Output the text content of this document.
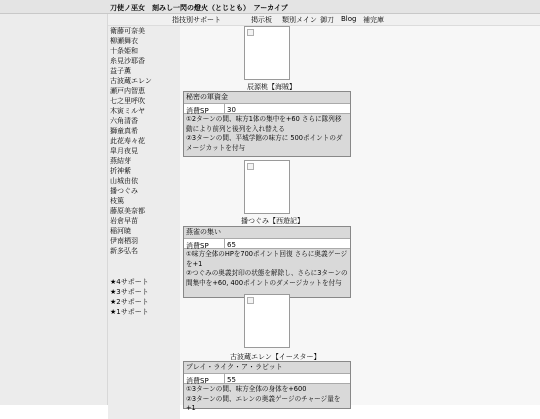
刀使ノ巫女　刻みし一閃の燈火（とじとも）　アーカイブ
指技別サポート	掲示板 類別メイン 御刀 Blog 補完庫
辰源桃【海賊】
秘密の軍資金
消費SP	30
①2ターンの間、味方1体の集中を+60 さらに隊列移動により前列と後列を入れ替える
②3ターンの間、平城学館の味方に 500ポイントのダメージカットを付与
播つぐみ【西遊記】
燕雀の集い
消費SP	65
①味方全体のHPを700ポイント回復 さらに奥義ゲージを+1
②つぐみの奥義封印の状態を解除し、さらに3ターンの間集中を+60, 400ポイントのダメージカットを付与
古波蔵エレン【イースター】
プレイ・ライク・ア・ラビット
消費SP	55
①3ターンの間、味方全体の身体を+600
②3ターンの間、エレンの奥義ゲージのチャージ量を+1
衛藤可奈美
柳瀬舞衣
十条姫和
糸見沙耶香
益子薫
古波蔵エレン
瀬戸内智恵
七之里呼吹
木寅ミルヤ
六角清香
獅童真希
此花寿々花
皐月夜見
燕結芽
折神紫
山城由依
播つぐみ
枝篤
藤原美奈都
岩倉早苗
稲河暁
伊南栖羽
新多弘名
★4サポート
★3サポート
★2サポート
★1サポート
